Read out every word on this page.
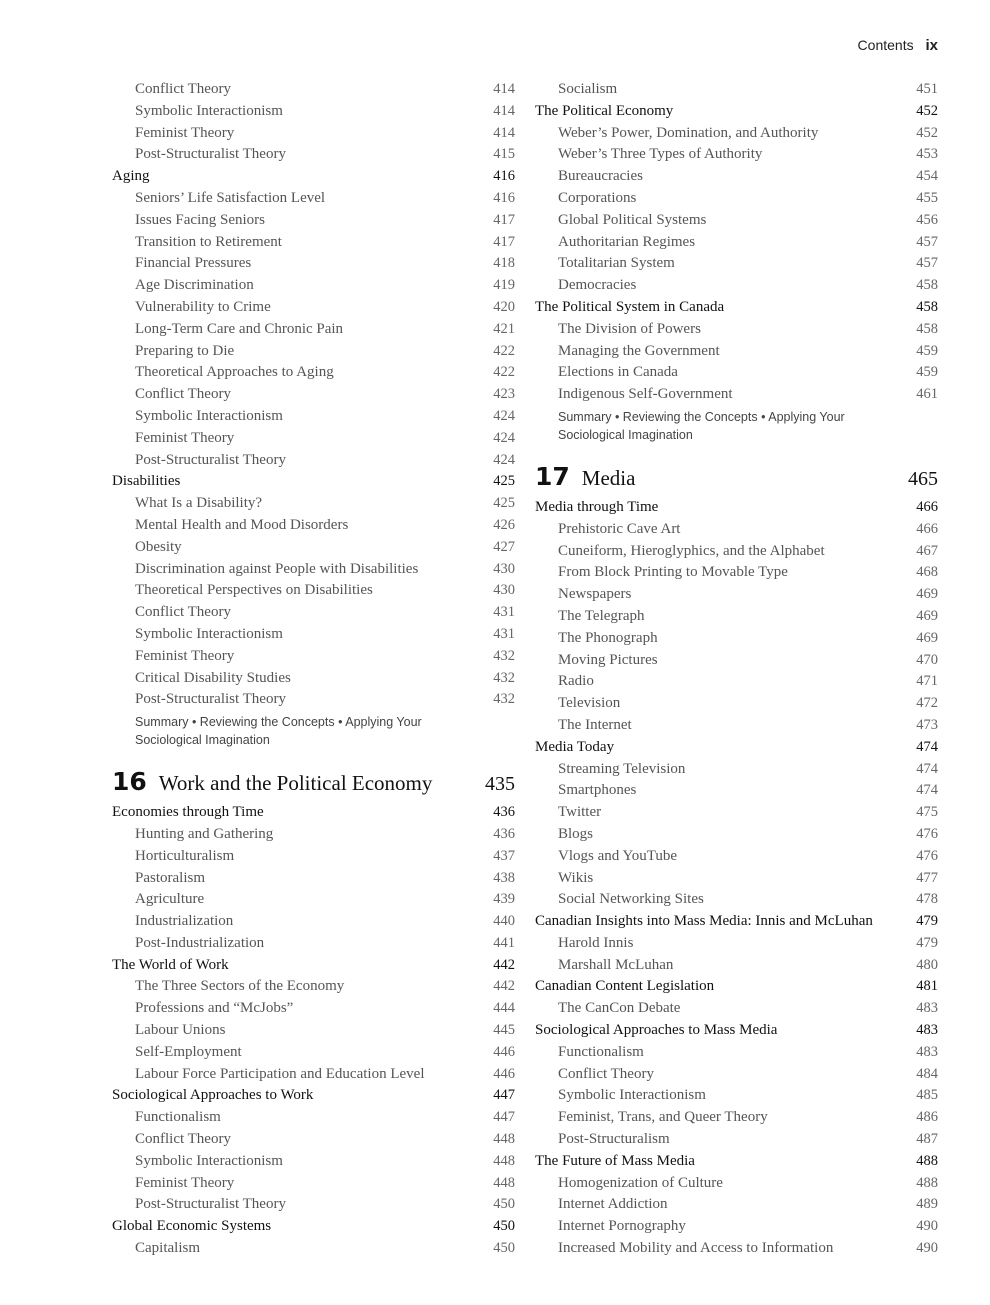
Contents ix
Conflict Theory	414
Symbolic Interactionism	414
Feminist Theory	414
Post-Structuralist Theory	415
Aging	416
Seniors’ Life Satisfaction Level	416
Issues Facing Seniors	417
Transition to Retirement	417
Financial Pressures	418
Age Discrimination	419
Vulnerability to Crime	420
Long-Term Care and Chronic Pain	421
Preparing to Die	422
Theoretical Approaches to Aging	422
Conflict Theory	423
Symbolic Interactionism	424
Feminist Theory	424
Post-Structuralist Theory	424
Disabilities	425
What Is a Disability?	425
Mental Health and Mood Disorders	426
Obesity	427
Discrimination against People with Disabilities	430
Theoretical Perspectives on Disabilities	430
Conflict Theory	431
Symbolic Interactionism	431
Feminist Theory	432
Critical Disability Studies	432
Post-Structuralist Theory	432
Summary • Reviewing the Concepts • Applying Your Sociological Imagination
16 Work and the Political Economy	435
Economies through Time	436
Hunting and Gathering	436
Horticulturalism	437
Pastoralism	438
Agriculture	439
Industrialization	440
Post-Industrialization	441
The World of Work	442
The Three Sectors of the Economy	442
Professions and “McJobs”	444
Labour Unions	445
Self-Employment	446
Labour Force Participation and Education Level	446
Sociological Approaches to Work	447
Functionalism	447
Conflict Theory	448
Symbolic Interactionism	448
Feminist Theory	448
Post-Structuralist Theory	450
Global Economic Systems	450
Capitalism	450
Socialism	451
The Political Economy	452
Weber’s Power, Domination, and Authority	452
Weber’s Three Types of Authority	453
Bureaucracies	454
Corporations	455
Global Political Systems	456
Authoritarian Regimes	457
Totalitarian System	457
Democracies	458
The Political System in Canada	458
The Division of Powers	458
Managing the Government	459
Elections in Canada	459
Indigenous Self-Government	461
Summary • Reviewing the Concepts • Applying Your Sociological Imagination
17 Media	465
Media through Time	466
Prehistoric Cave Art	466
Cuneiform, Hieroglyphics, and the Alphabet	467
From Block Printing to Movable Type	468
Newspapers	469
The Telegraph	469
The Phonograph	469
Moving Pictures	470
Radio	471
Television	472
The Internet	473
Media Today	474
Streaming Television	474
Smartphones	474
Twitter	475
Blogs	476
Vlogs and YouTube	476
Wikis	477
Social Networking Sites	478
Canadian Insights into Mass Media: Innis and McLuhan	479
Harold Innis	479
Marshall McLuhan	480
Canadian Content Legislation	481
The CanCon Debate	483
Sociological Approaches to Mass Media	483
Functionalism	483
Conflict Theory	484
Symbolic Interactionism	485
Feminist, Trans, and Queer Theory	486
Post-Structuralism	487
The Future of Mass Media	488
Homogenization of Culture	488
Internet Addiction	489
Internet Pornography	490
Increased Mobility and Access to Information	490
